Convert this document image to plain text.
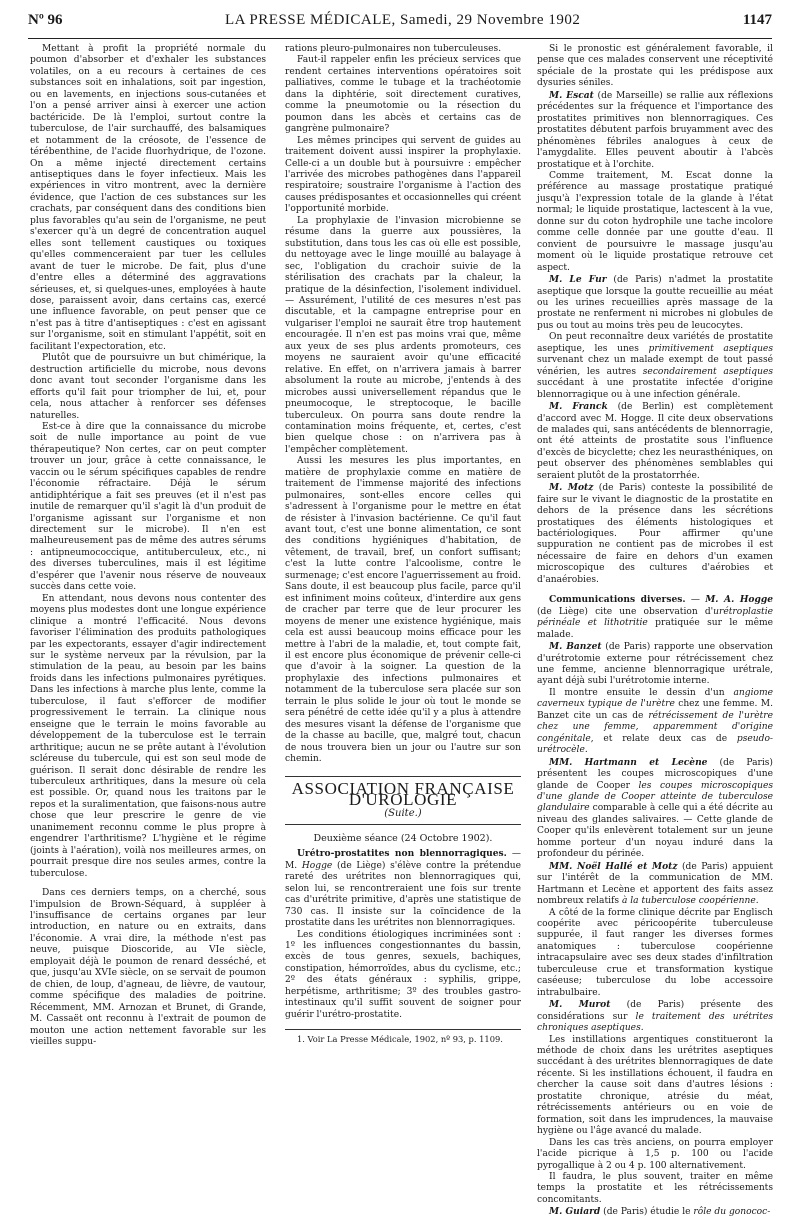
Nº 96	LA PRESSE MÉDICALE, Samedi, 29 Novembre 1902	1147

Mettant à profit la propriété normale du poumon d'absorber et d'exhaler les substances volatiles, on a eu recours à certaines de ces substances soit en inhalations, soit par ingestion, ou en lavements, en injections sous-cutanées et l'on a pensé arriver ainsi à exercer une action bactéricide. De là l'emploi, surtout contre la tuberculose, de l'air surchauffé, des balsamiques et notamment de la créosote, de l'essence de térébenthine, de l'acide fluorhydrique, de l'ozone. On a même injecté directement certains antiseptiques dans le foyer infectieux. Mais les expériences in vitro montrent, avec la dernière évidence, que l'action de ces substances sur les crachats, par conséquent dans des conditions bien plus favorables qu'au sein de l'organisme, ne peut s'exercer qu'à un degré de concentration auquel elles sont tellement caustiques ou toxiques qu'elles commenceraient par tuer les cellules avant de tuer le microbe. De fait, plus d'une d'entre elles a déterminé des aggravations sérieuses, et, si quelques-unes, employées à haute dose, paraissent avoir, dans certains cas, exercé une influence favorable, on peut penser que ce n'est pas à titre d'antiseptiques : c'est en agissant sur l'organisme, soit en stimulant l'appétit, soit en facilitant l'expectoration, etc.

Plutôt que de poursuivre un but chimérique, la destruction artificielle du microbe, nous devons donc avant tout seconder l'organisme dans les efforts qu'il fait pour triompher de lui, et, pour cela, nous attacher à renforcer ses défenses naturelles.

Est-ce à dire que la connaissance du microbe soit de nulle importance au point de vue thérapeutique? Non certes, car on peut compter trouver un jour, grâce à cette connaissance, le vaccin ou le sérum spécifiques capables de rendre l'économie réfractaire. Déjà le sérum antidiphtérique a fait ses preuves (et il n'est pas inutile de remarquer qu'il s'agit là d'un produit de l'organisme agissant sur l'organisme et non directement sur le microbe). Il n'en est malheureusement pas de même des autres sérums : antipneumococcique, antituberculeux, etc., ni des diverses tuberculines, mais il est légitime d'espérer que l'avenir nous réserve de nouveaux succès dans cette voie.

En attendant, nous devons nous contenter des moyens plus modestes dont une longue expérience clinique a montré l'efficacité. Nous devons favoriser l'élimination des produits pathologiques par les expectorants, essayer d'agir indirectement sur le système nerveux par la révulsion, par la stimulation de la peau, au besoin par les bains froids dans les infections pulmonaires pyrétiques. Dans les infections à marche plus lente, comme la tuberculose, il faut s'efforcer de modifier progressivement le terrain. La clinique nous enseigne que le terrain le moins favorable au développement de la tuberculose est le terrain arthritique; aucun ne se prête autant à l'évolution scléreuse du tubercule, qui est son seul mode de guérison. Il serait donc désirable de rendre les tuberculeux arthritiques, dans la mesure où cela est possible. Or, quand nous les traitons par le repos et la suralimentation, que faisons-nous autre chose que leur prescrire le genre de vie unanimement reconnu comme le plus propre à engendrer l'arthritisme? L'hygiène et le régime (joints à l'aération), voilà nos meilleures armes, on pourrait presque dire nos seules armes, contre la tuberculose.

Dans ces derniers temps, on a cherché, sous l'impulsion de Brown-Séquard, à suppléer à l'insuffisance de certains organes par leur introduction, en nature ou en extraits, dans l'économie. A vrai dire, la méthode n'est pas neuve, puisque Dioscoride, au VIe siècle, employait déjà le poumon de renard desséché, et que, jusqu'au XVIe siècle, on se servait de poumon de chien, de loup, d'agneau, de lièvre, de vautour, comme spécifique des maladies de poitrine. Récemment, MM. Arnozan et Brunet, di Grande, M. Cassaët ont reconnu à l'extrait de poumon de mouton une action nettement favorable sur les vieilles suppu-

rations pleuro-pulmonaires non tuberculeuses.

Faut-il rappeler enfin les précieux services que rendent certaines interventions opératoires soit palliatives, comme le tubage et la trachéotomie dans la diphtérie, soit directement curatives, comme la pneumotomie ou la résection du poumon dans les abcès et certains cas de gangrène pulmonaire?

Les mêmes principes qui servent de guides au traitement doivent aussi inspirer la prophylaxie. Celle-ci a un double but à poursuivre : empêcher l'arrivée des microbes pathogènes dans l'appareil respiratoire; soustraire l'organisme à l'action des causes prédisposantes et occasionnelles qui créent l'opportunité morbide.

La prophylaxie de l'invasion microbienne se résume dans la guerre aux poussières, la substitution, dans tous les cas où elle est possible, du nettoyage avec le linge mouillé au balayage à sec, l'obligation du crachoir suivie de la stérilisation des crachats par la chaleur, la pratique de la désinfection, l'isolement individuel. — Assurément, l'utilité de ces mesures n'est pas discutable, et la campagne entreprise pour en vulgariser l'emploi ne saurait être trop hautement encouragée. Il n'en est pas moins vrai que, même aux yeux de ses plus ardents promoteurs, ces moyens ne sauraient avoir qu'une efficacité relative. En effet, on n'arrivera jamais à barrer absolument la route au microbe, j'entends à des microbes aussi universellement répandus que le pneumocoque, le streptocoque, le bacille tuberculeux. On pourra sans doute rendre la contamination moins fréquente, et, certes, c'est bien quelque chose : on n'arrivera pas à l'empêcher complètement.

Aussi les mesures les plus importantes, en matière de prophylaxie comme en matière de traitement de l'immense majorité des infections pulmonaires, sont-elles encore celles qui s'adressent à l'organisme pour le mettre en état de résister à l'invasion bactérienne. Ce qu'il faut avant tout, c'est une bonne alimentation, ce sont des conditions hygiéniques d'habitation, de vêtement, de travail, bref, un confort suffisant; c'est la lutte contre l'alcoolisme, contre le surmenage; c'est encore l'aguerrissement au froid. Sans doute, il est beaucoup plus facile, parce qu'il est infiniment moins coûteux, d'interdire aux gens de cracher par terre que de leur procurer les moyens de mener une existence hygiénique, mais cela est aussi beaucoup moins efficace pour les mettre à l'abri de la maladie, et, tout compte fait, il est encore plus économique de prévenir celle-ci que d'avoir à la soigner. La question de la prophylaxie des infections pulmonaires et notamment de la tuberculose sera placée sur son terrain le plus solide le jour où tout le monde se sera pénétré de cette idée qu'il y a plus à attendre des mesures visant la défense de l'organisme que de la chasse au bacille, que, malgré tout, chacun de nous trouvera bien un jour ou l'autre sur son chemin.

ASSOCIATION FRANÇAISE D'UROLOGIE
(Suite.)
Deuxième séance (24 Octobre 1902).

Urétro-prostatites non blennorragiques. — M. Hogge (de Liège) s'élève contre la prétendue rareté des urétrites non blennorragiques qui, selon lui, se rencontreraient une fois sur trente cas d'urétrite primitive, d'après une statistique de 730 cas. Il insiste sur la coïncidence de la prostatite dans les urétrites non blennorragiques.

Les conditions étiologiques incriminées sont : 1º les influences congestionnantes du bassin, excès de tous genres, sexuels, bachiques, constipation, hémorroïdes, abus du cyclisme, etc.; 2º des états généraux : syphilis, grippe, herpétisme, arthritisme; 3º des troubles gastro-intestinaux qu'il suffit souvent de soigner pour guérir l'urétro-prostatite.

1. Voir La Presse Médicale, 1902, nº 93, p. 1109.

Si le pronostic est généralement favorable, il pense que ces malades conservent une réceptivité spéciale de la prostate qui les prédispose aux dysuries séniles.

M. Escat (de Marseille) se rallie aux réflexions précédentes sur la fréquence et l'importance des prostatites primitives non blennorragiques. Ces prostatites débutent parfois bruyamment avec des phénomènes fébriles analogues à ceux de l'amygdalite. Elles peuvent aboutir à l'abcès prostatique et à l'orchite.

Comme traitement, M. Escat donne la préférence au massage prostatique pratiqué jusqu'à l'expression totale de la glande à l'état normal; le liquide prostatique, lactescent à la vue, donne sur du coton hydrophile une tache incolore comme celle donnée par une goutte d'eau. Il convient de poursuivre le massage jusqu'au moment où le liquide prostatique retrouve cet aspect.

M. Le Fur (de Paris) n'admet la prostatite aseptique que lorsque la goutte recueillie au méat ou les urines recueillies après massage de la prostate ne renferment ni microbes ni globules de pus ou tout au moins très peu de leucocytes.

On peut reconnaître deux variétés de prostatite aseptique, les unes primitivement aseptiques survenant chez un malade exempt de tout passé vénérien, les autres secondairement aseptiques succédant à une prostatite infectée d'origine blennorragique ou à une infection générale.

M. Franck (de Berlin) est complètement d'accord avec M. Hogge. Il cite deux observations de malades qui, sans antécédents de blennorragie, ont été atteints de prostatite sous l'influence d'excès de bicyclette; chez les neurasthéniques, on peut observer des phénomènes semblables qui seraient plutôt de la prostatorrhée.

M. Motz (de Paris) conteste la possibilité de faire sur le vivant le diagnostic de la prostatite en dehors de la présence dans les sécrétions prostatiques des éléments histologiques et bactériologiques. Pour affirmer qu'une suppuration ne contient pas de microbes il est nécessaire de faire en dehors d'un examen microscopique des cultures d'aérobies et d'anaérobies.

Communications diverses. — M. A. Hogge (de Liège) cite une observation d'urétroplastie périnéale et lithotritie pratiquée sur le même malade.

M. Banzet (de Paris) rapporte une observation d'urétrotomie externe pour rétrécissement chez une femme, ancienne blennorragique urétrale, ayant déjà subi l'urétrotomie interne.

Il montre ensuite le dessin d'un angiome caverneux typique de l'urètre chez une femme. M. Banzet cite un cas de rétrécissement de l'urètre chez une femme, apparemment d'origine congénitale, et relate deux cas de pseudo-urétrocèle.

MM. Hartmann et Lecène (de Paris) présentent les coupes microscopiques d'une glande de Cooper les coupes microscopiques d'une glande de Cooper atteinte de tuberculose glandulaire comparable à celle qui a été décrite au niveau des glandes salivaires. — Cette glande de Cooper qu'ils enlevèrent totalement sur un jeune homme porteur d'un noyau induré dans la profondeur du périnée.

MM. Noël Hallé et Motz (de Paris) appuient sur l'intérêt de la communication de MM. Hartmann et Lecène et apportent des faits assez nombreux relatifs à la tuberculose coopérienne.

A côté de la forme clinique décrite par Englisch coopérite avec péricoopérite tuberculeuse suppurée, il faut ranger les diverses formes anatomiques : tuberculose coopérienne intracapsulaire avec ses deux stades d'infiltration tuberculeuse crue et transformation kystique caséeuse; tuberculose du lobe accessoire intrabulbaire.

M. Murot (de Paris) présente des considérations sur le traitement des urétrites chroniques aseptiques.

Les instillations argentiques constitueront la méthode de choix dans les urétrites aseptiques succédant à des urétrites blennorragiques de date récente. Si les instillations échouent, il faudra en chercher la cause soit dans d'autres lésions : prostatite chronique, atrésie du méat, rétrécissements antérieurs ou en voie de formation, soit dans les imprudences, la mauvaise hygiène ou l'âge avancé du malade.

Dans les cas très anciens, on pourra employer l'acide picrique à 1,5 p. 100 ou l'acide pyrogallique à 2 ou 4 p. 100 alternativement.

Il faudra, le plus souvent, traiter en même temps la prostatite et les rétrécissements concomitants.

M. Guiard (de Paris) étudie le rôle du gonococ-
